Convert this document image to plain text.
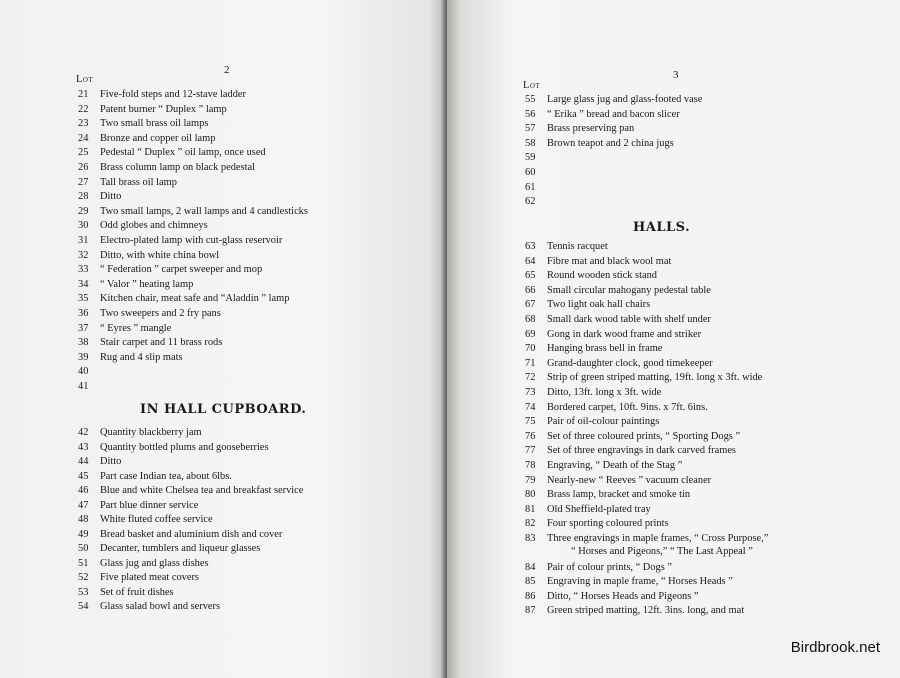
2
Lot
21 Five-fold steps and 12-stave ladder
22 Patent burner “ Duplex ” lamp
23 Two small brass oil lamps
24 Bronze and copper oil lamp
25 Pedestal “ Duplex ” oil lamp, once used
26 Brass column lamp on black pedestal
27 Tall brass oil lamp
28 Ditto
29 Two small lamps, 2 wall lamps and 4 candlesticks
30 Odd globes and chimneys
31 Electro-plated lamp with cut-glass reservoir
32 Ditto, with white china bowl
33 “ Federation ” carpet sweeper and mop
34 “ Valor ” heating lamp
35 Kitchen chair, meat safe and “Aladdin ” lamp
36 Two sweepers and 2 fry pans
37 “ Eyres ” mangle
38 Stair carpet and 11 brass rods
39 Rug and 4 slip mats
40
41
IN HALL CUPBOARD.
42 Quantity blackberry jam
43 Quantity bottled plums and gooseberries
44 Ditto
45 Part case Indian tea, about 6lbs.
46 Blue and white Chelsea tea and breakfast service
47 Part blue dinner service
48 White fluted coffee service
49 Bread basket and aluminium dish and cover
50 Decanter, tumblers and liqueur glasses
51 Glass jug and glass dishes
52 Five plated meat covers
53 Set of fruit dishes
54 Glass salad bowl and servers
3
Lot
55 Large glass jug and glass-footed vase
56 “ Erika ” bread and bacon slicer
57 Brass preserving pan
58 Brown teapot and 2 china jugs
59
60
61
62
HALLS.
63 Tennis racquet
64 Fibre mat and black wool mat
65 Round wooden stick stand
66 Small circular mahogany pedestal table
67 Two light oak hall chairs
68 Small dark wood table with shelf under
69 Gong in dark wood frame and striker
70 Hanging brass bell in frame
71 Grand-daughter clock, good timekeeper
72 Strip of green striped matting, 19ft. long x 3ft. wide
73 Ditto, 13ft. long x 3ft. wide
74 Bordered carpet, 10ft. 9ins. x 7ft. 6ins.
75 Pair of oil-colour paintings
76 Set of three coloured prints, “ Sporting Dogs ”
77 Set of three engravings in dark carved frames
78 Engraving, “ Death of the Stag ”
79 Nearly-new “ Reeves ” vacuum cleaner
80 Brass lamp, bracket and smoke tin
81 Old Sheffield-plated tray
82 Four sporting coloured prints
83 Three engravings in maple frames, “ Cross Purpose,”
84 Pair of colour prints, “ Dogs ”
85 Engraving in maple frame, “ Horses Heads ”
86 Ditto, “ Horses Heads and Pigeons ”
87 Green striped matting, 12ft. 3ins. long, and mat
“ Horses and Pigeons,” “ The Last Appeal ”
Birdbrook.net
